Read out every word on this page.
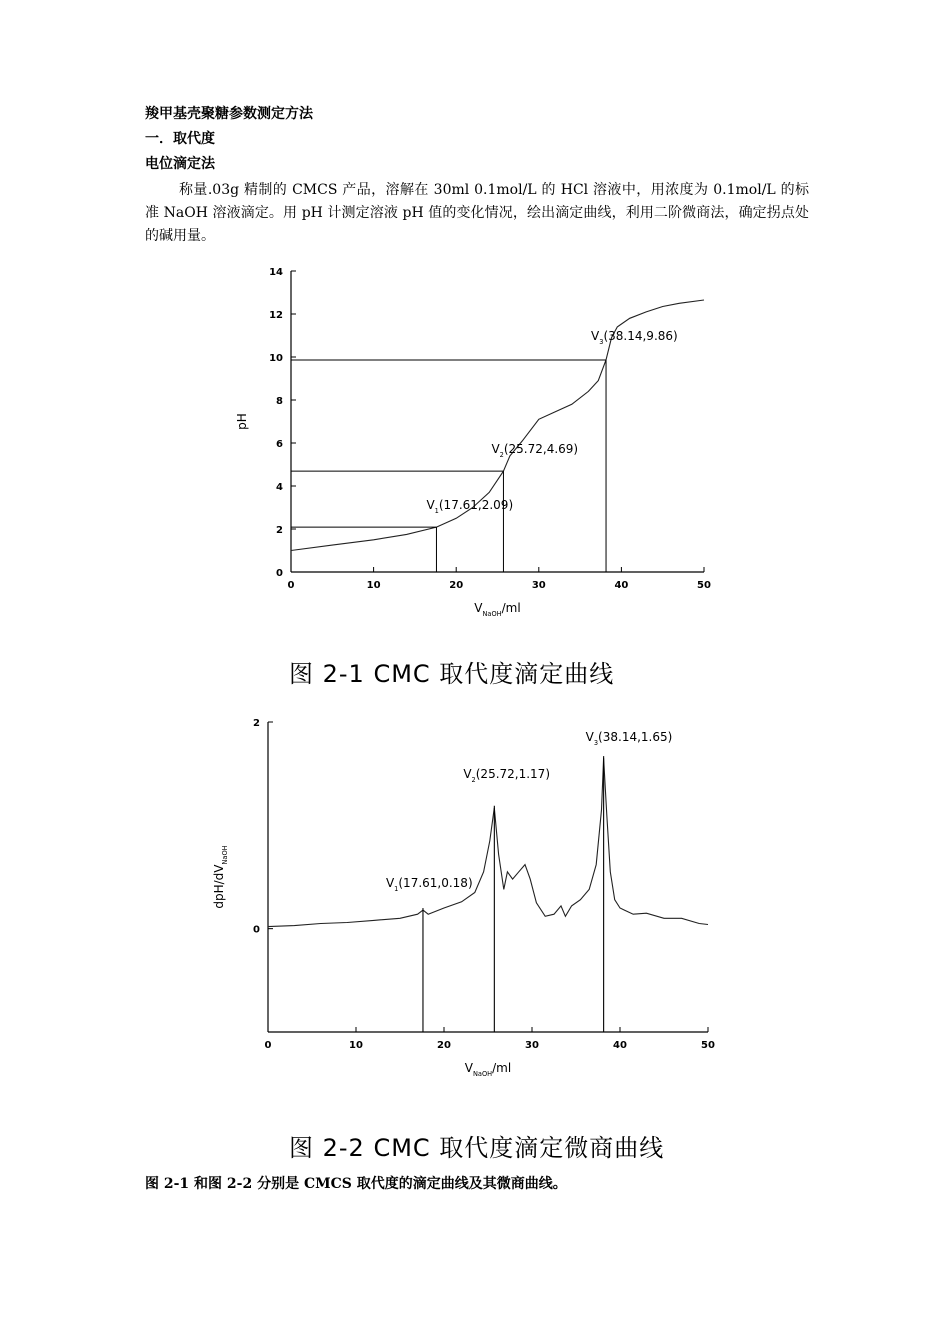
羧甲基壳聚糖参数测定方法
一．取代度
电位滴定法
称量.03g 精制的 CMCS 产品，溶解在 30ml 0.1mol/L 的 HCl 溶液中，用浓度为 0.1mol/L 的标准 NaOH 溶液滴定。用 pH 计测定溶液 pH 值的变化情况，绘出滴定曲线，利用二阶微商法，确定拐点处的碱用量。
0	10	20	30	40	50
0
2
4
6
8
10
12
14
$V_1(17.61,2.09)$
$V_2(25.72,4.69)$
$V_3(38.14,9.86)$
$V_{NaOH}/ml$
pH
图 2-1 CMC 取代度滴定曲线
0	10	20	30	40	50
0
2
$V_1(17.61,0.18)$
$V_2(25.72,1.17)$
$V_3(38.14,1.65)$
$V_{NaOH}/ml$
dpH/$dV_{NaOH}$
图 2-2 CMC 取代度滴定微商曲线
图 2-1 和图 2-2 分别是 CMCS 取代度的滴定曲线及其微商曲线。
